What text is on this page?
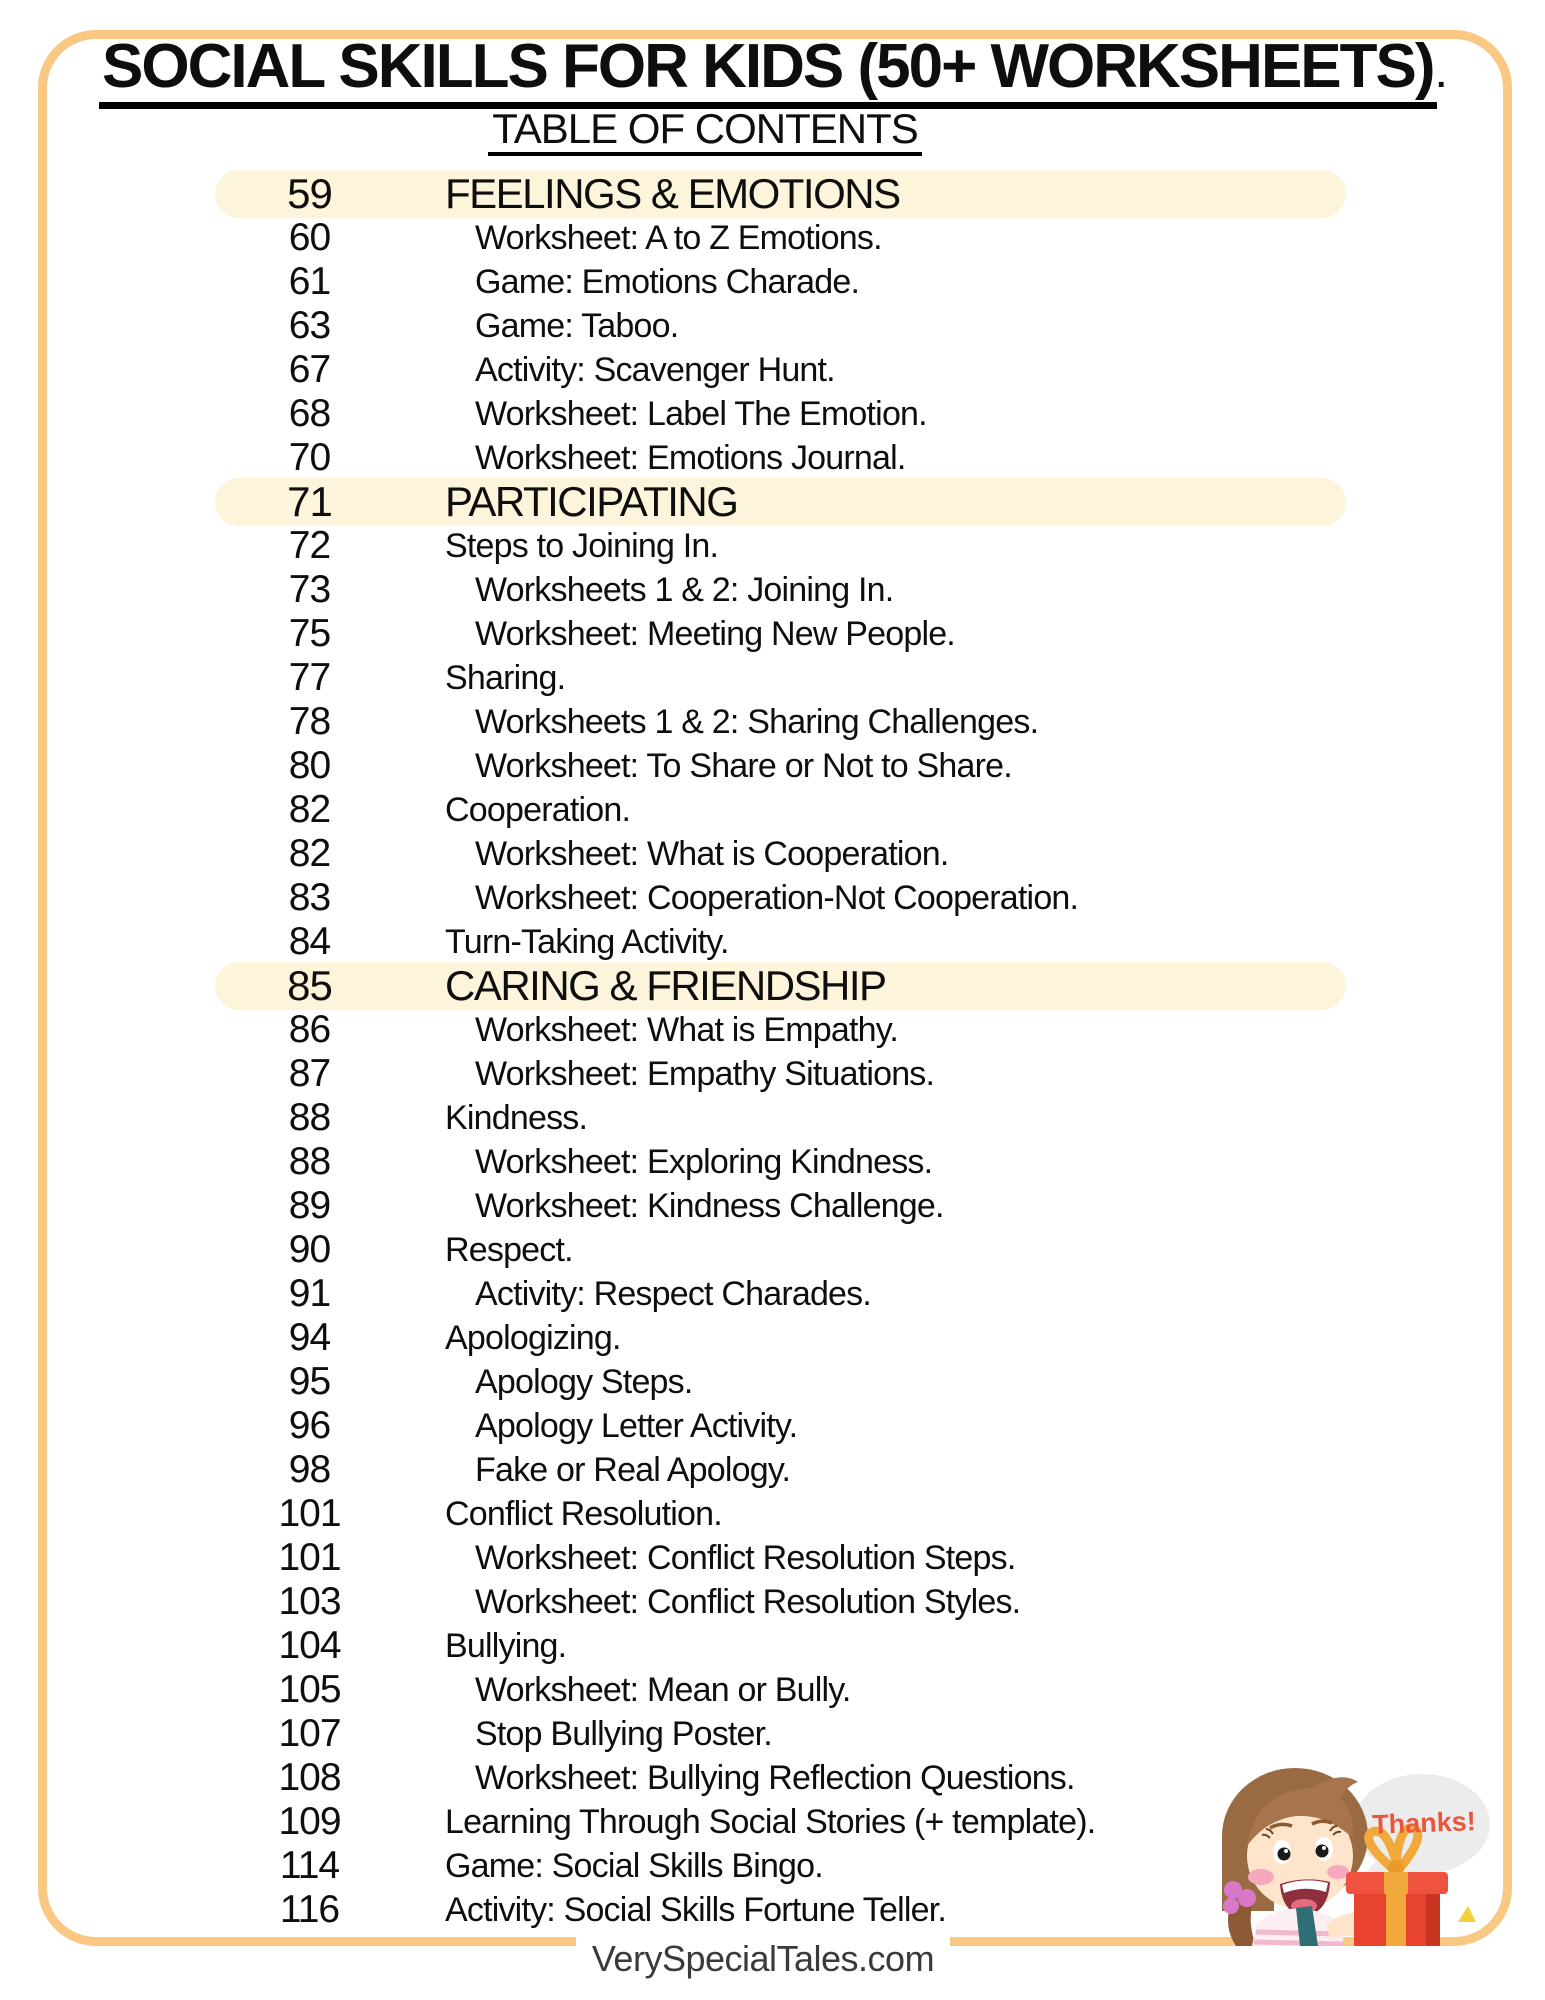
SOCIAL SKILLS FOR KIDS (50+ WORKSHEETS).
TABLE OF CONTENTS
59	FEELINGS & EMOTIONS
60	Worksheet: A to Z Emotions.
61	Game: Emotions Charade.
63	Game: Taboo.
67	Activity: Scavenger Hunt.
68	Worksheet: Label The Emotion.
70	Worksheet: Emotions Journal.
71	PARTICIPATING
72	Steps to Joining In.
73	Worksheets 1 & 2: Joining In.
75	Worksheet: Meeting New People.
77	Sharing.
78	Worksheets 1 & 2: Sharing Challenges.
80	Worksheet: To Share or Not to Share.
82	Cooperation.
82	Worksheet: What is Cooperation.
83	Worksheet: Cooperation-Not Cooperation.
84	Turn-Taking Activity.
85	CARING & FRIENDSHIP
86	Worksheet: What is Empathy.
87	Worksheet: Empathy Situations.
88	Kindness.
88	Worksheet: Exploring Kindness.
89	Worksheet: Kindness Challenge.
90	Respect.
91	Activity: Respect Charades.
94	Apologizing.
95	Apology Steps.
96	Apology Letter Activity.
98	Fake or Real Apology.
101	Conflict Resolution.
101	Worksheet: Conflict Resolution Steps.
103	Worksheet: Conflict Resolution Styles.
104	Bullying.
105	Worksheet: Mean or Bully.
107	Stop Bullying Poster.
108	Worksheet: Bullying Reflection Questions.
109	Learning Through Social Stories (+ template).
114	Game: Social Skills Bingo.
116	Activity: Social Skills Fortune Teller.
Thanks!
VerySpecialTales.com
